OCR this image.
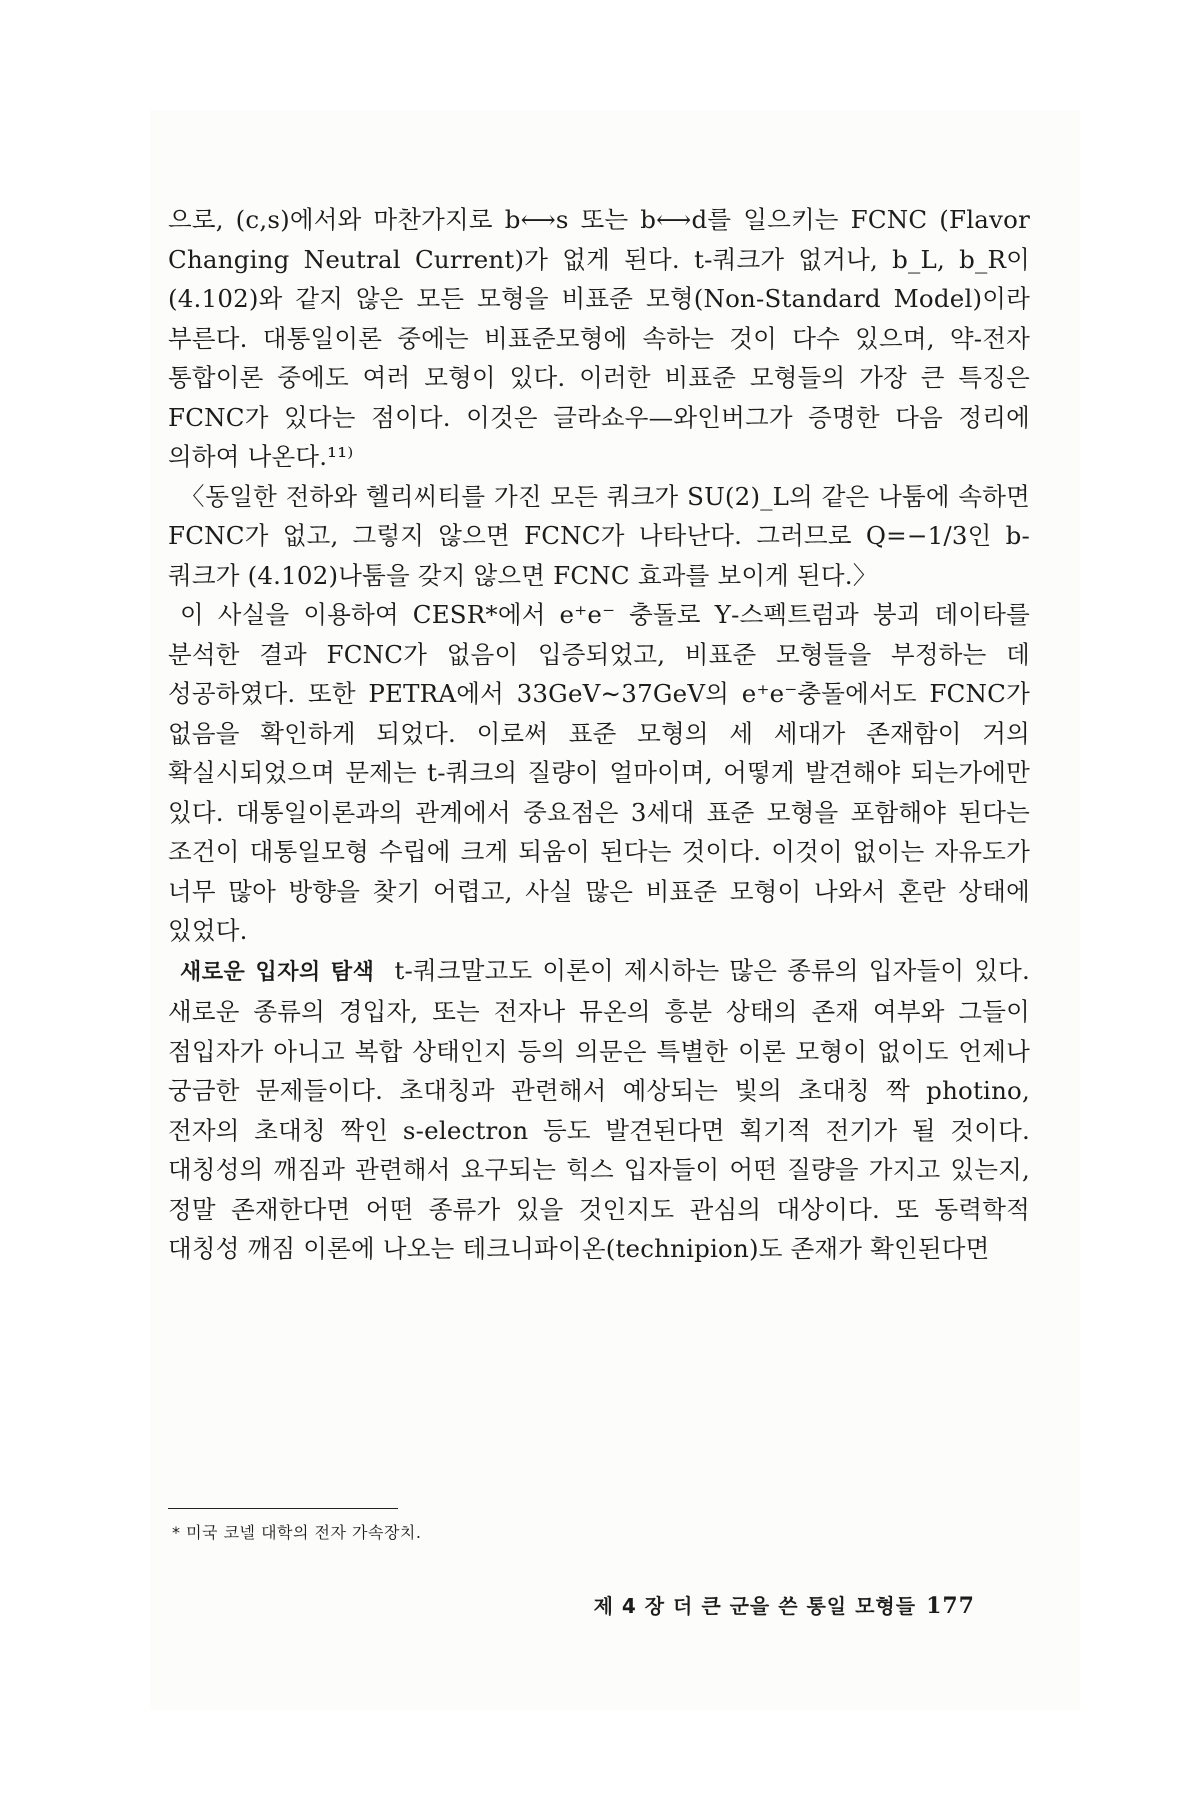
으로, (c,s)에서와 마찬가지로 b⟷s 또는 b⟷d를 일으키는 FCNC (Flavor Changing Neutral Current)가 없게 된다. t-쿼크가 없거나, b_L, b_R이 (4.102)와 같지 않은 모든 모형을 비표준 모형(Non-Standard Model)이라 부른다. 대통일이론 중에는 비표준모형에 속하는 것이 다수 있으며, 약-전자 통합이론 중에도 여러 모형이 있다. 이러한 비표준 모형들의 가장 큰 특징은 FCNC가 있다는 점이다. 이것은 글라쇼우—와인버그가 증명한 다음 정리에 의하여 나온다.¹¹⁾

〈동일한 전하와 헬리씨티를 가진 모든 쿼크가 SU(2)_L의 같은 나툼에 속하면 FCNC가 없고, 그렇지 않으면 FCNC가 나타난다. 그러므로 Q=−1/3인 b-쿼크가 (4.102)나툼을 갖지 않으면 FCNC 효과를 보이게 된다.〉

이 사실을 이용하여 CESR*에서 e⁺e⁻ 충돌로 Υ-스펙트럼과 붕괴 데이타를 분석한 결과 FCNC가 없음이 입증되었고, 비표준 모형들을 부정하는 데 성공하였다. 또한 PETRA에서 33GeV∼37GeV의 e⁺e⁻충돌에서도 FCNC가 없음을 확인하게 되었다. 이로써 표준 모형의 세 세대가 존재함이 거의 확실시되었으며 문제는 t-쿼크의 질량이 얼마이며, 어떻게 발견해야 되는가에만 있다. 대통일이론과의 관계에서 중요점은 3세대 표준 모형을 포함해야 된다는 조건이 대통일모형 수립에 크게 되움이 된다는 것이다. 이것이 없이는 자유도가 너무 많아 방향을 찾기 어렵고, 사실 많은 비표준 모형이 나와서 혼란 상태에 있었다.

새로운 입자의 탐색 t-쿼크말고도 이론이 제시하는 많은 종류의 입자들이 있다. 새로운 종류의 경입자, 또는 전자나 뮤온의 흥분 상태의 존재 여부와 그들이 점입자가 아니고 복합 상태인지 등의 의문은 특별한 이론 모형이 없이도 언제나 궁금한 문제들이다. 초대칭과 관련해서 예상되는 빛의 초대칭 짝 photino, 전자의 초대칭 짝인 s-electron 등도 발견된다면 획기적 전기가 될 것이다. 대칭성의 깨짐과 관련해서 요구되는 힉스 입자들이 어떤 질량을 가지고 있는지, 정말 존재한다면 어떤 종류가 있을 것인지도 관심의 대상이다. 또 동력학적 대칭성 깨짐 이론에 나오는 테크니파이온(technipion)도 존재가 확인된다면

* 미국 코넬 대학의 전자 가속장치.
제 4 장 더 큰 군을 쓴 통일 모형들 177
